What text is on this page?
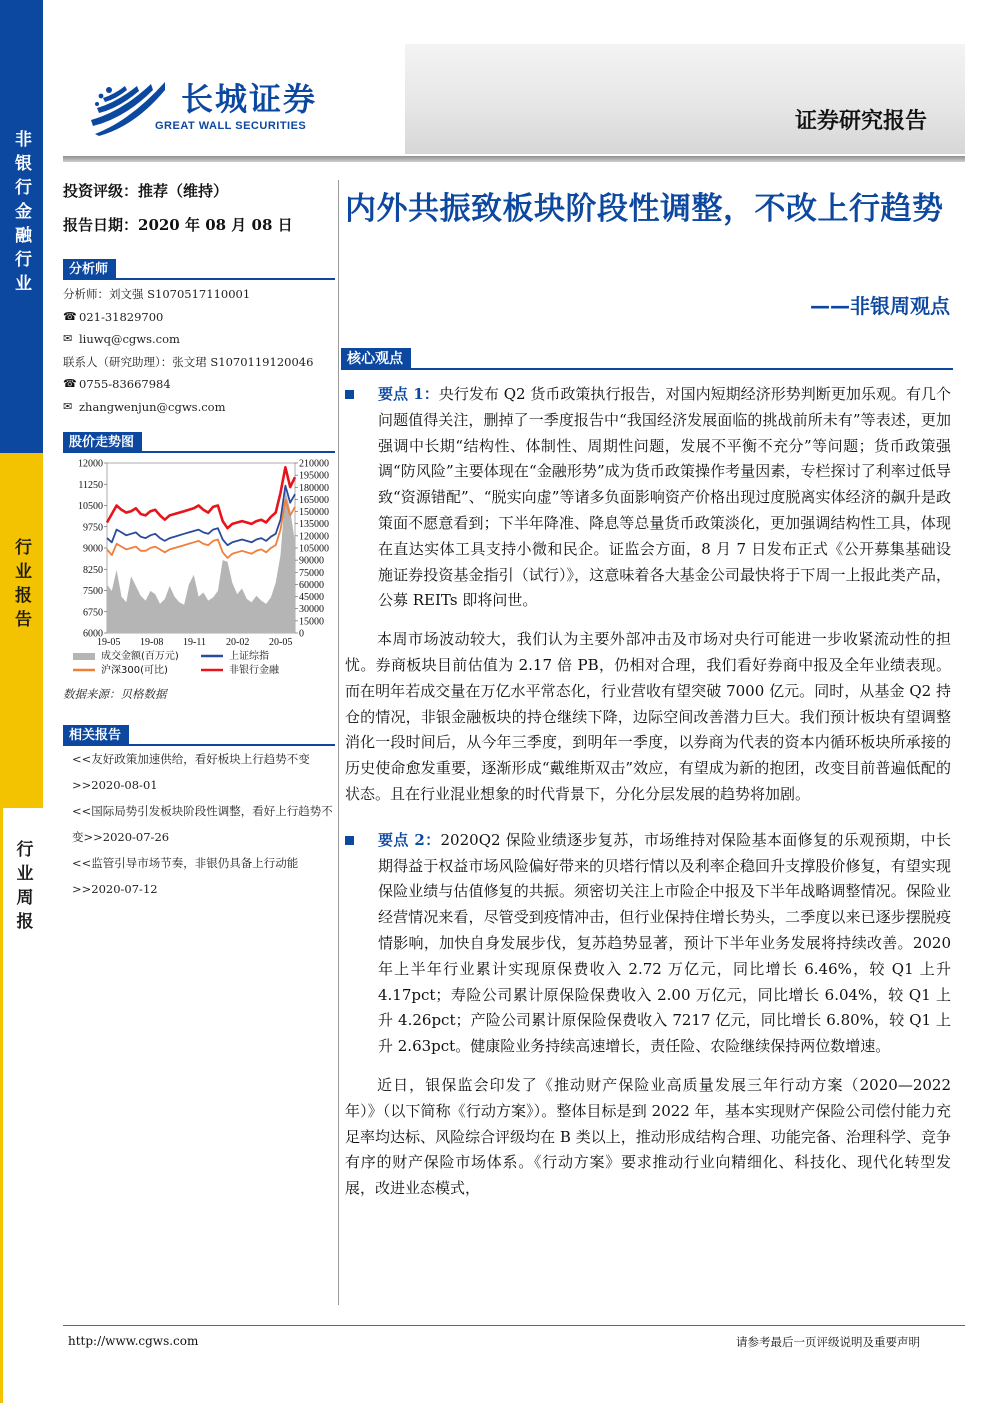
非银行金融行业
行业报告
行业周报
长城证券
GREAT WALL SECURITIES	证券研究报告
投资评级：推荐（维持）
报告日期：2020 年 08 月 08 日
分析师
分析师：刘文强 S1070517110001
☎ 021-31829700
✉ liuwq@cgws.com
联系人（研究助理）：张文珺 S1070119120046
☎ 0755-83667984
✉ zhangwenjun@cgws.com
股价走势图
12000
11250
10500
9750
9000
8250
7500
6750
6000
210000
195000
180000
165000
150000
135000
120000
105000
90000
75000
60000
45000
30000
15000
0
19-05 19-08 19-11 20-02 20-05
成交金额(百万元)	上证综指
沪深300(可比)	非银行金融
数据来源：贝格数据
相关报告
<<友好政策加速供给，看好板块上行趋势不变>>2020-08-01
<<国际局势引发板块阶段性调整，看好上行趋势不变>>2020-07-26
<<监管引导市场节奏，非银仍具备上行动能>>2020-07-12
内外共振致板块阶段性调整，不改上行趋势
——非银周观点
核心观点
要点 1：央行发布 Q2 货币政策执行报告，对国内短期经济形势判断更加乐观。有几个问题值得关注，删掉了一季度报告中“我国经济发展面临的挑战前所未有”等表述，更加强调中长期“结构性、体制性、周期性问题，发展不平衡不充分”等问题；货币政策强调“防风险”主要体现在“金融形势”成为货币政策操作考量因素，专栏探讨了利率过低导致“资源错配”、“脱实向虚”等诸多负面影响资产价格出现过度脱离实体经济的飙升是政策面不愿意看到；下半年降准、降息等总量货币政策淡化，更加强调结构性工具，体现在直达实体工具支持小微和民企。证监会方面，8 月 7 日发布正式《公开募集基础设施证券投资基金指引（试行）》，这意味着各大基金公司最快将于下周一上报此类产品，公募 REITs 即将问世。
本周市场波动较大，我们认为主要外部冲击及市场对央行可能进一步收紧流动性的担忧。券商板块目前估值为 2.17 倍 PB，仍相对合理，我们看好券商中报及全年业绩表现。而在明年若成交量在万亿水平常态化，行业营收有望突破 7000 亿元。同时，从基金 Q2 持仓的情况，非银金融板块的持仓继续下降，边际空间改善潜力巨大。我们预计板块有望调整消化一段时间后，从今年三季度，到明年一季度，以券商为代表的资本内循环板块所承接的历史使命愈发重要，逐渐形成“戴维斯双击”效应，有望成为新的抱团，改变目前普遍低配的状态。且在行业混业想象的时代背景下，分化分层发展的趋势将加剧。
要点 2：2020Q2 保险业绩逐步复苏，市场维持对保险基本面修复的乐观预期，中长期得益于权益市场风险偏好带来的贝塔行情以及利率企稳回升支撑股价修复，有望实现保险业绩与估值修复的共振。须密切关注上市险企中报及下半年战略调整情况。保险业经营情况来看，尽管受到疫情冲击，但行业保持住增长势头，二季度以来已逐步摆脱疫情影响，加快自身发展步伐，复苏趋势显著，预计下半年业务发展将持续改善。2020 年上半年行业累计实现原保费收入 2.72 万亿元，同比增长 6.46%，较 Q1 上升 4.17pct；寿险公司累计原保险保费收入 2.00 万亿元，同比增长 6.04%，较 Q1 上升 4.26pct；产险公司累计原保险保费收入 7217 亿元，同比增长 6.80%，较 Q1 上升 2.63pct。健康险业务持续高速增长，责任险、农险继续保持两位数增速。
近日，银保监会印发了《推动财产保险业高质量发展三年行动方案（2020—2022 年）》（以下简称《行动方案》）。整体目标是到 2022 年，基本实现财产保险公司偿付能力充足率均达标、风险综合评级均在 B 类以上，推动形成结构合理、功能完备、治理科学、竞争有序的财产保险市场体系。《行动方案》要求推动行业向精细化、科技化、现代化转型发展，改进业态模式，
http://www.cgws.com	请参考最后一页评级说明及重要声明
